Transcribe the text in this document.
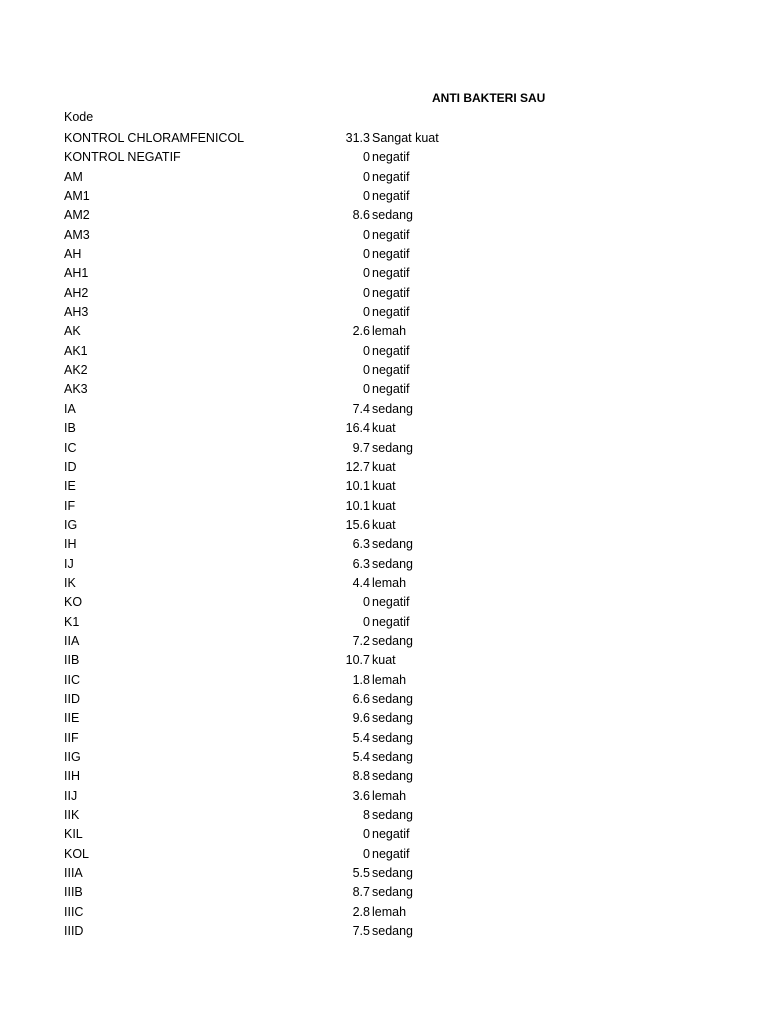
ANTI BAKTERI SAU
Kode
KONTROL CHLORAMFENICOL	31.3 Sangat kuat
KONTROL NEGATIF	0 negatif
AM	0 negatif
AM1	0 negatif
AM2	8.6 sedang
AM3	0 negatif
AH	0 negatif
AH1	0 negatif
AH2	0 negatif
AH3	0 negatif
AK	2.6 lemah
AK1	0 negatif
AK2	0 negatif
AK3	0 negatif
IA	7.4 sedang
IB	16.4 kuat
IC	9.7 sedang
ID	12.7 kuat
IE	10.1 kuat
IF	10.1 kuat
IG	15.6 kuat
IH	6.3 sedang
IJ	6.3 sedang
IK	4.4 lemah
KO	0 negatif
K1	0 negatif
IIA	7.2 sedang
IIB	10.7 kuat
IIC	1.8 lemah
IID	6.6 sedang
IIE	9.6 sedang
IIF	5.4 sedang
IIG	5.4 sedang
IIH	8.8 sedang
IIJ	3.6 lemah
IIK	8 sedang
KIL	0 negatif
KOL	0 negatif
IIIA	5.5 sedang
IIIB	8.7 sedang
IIIC	2.8 lemah
IIID	7.5 sedang
